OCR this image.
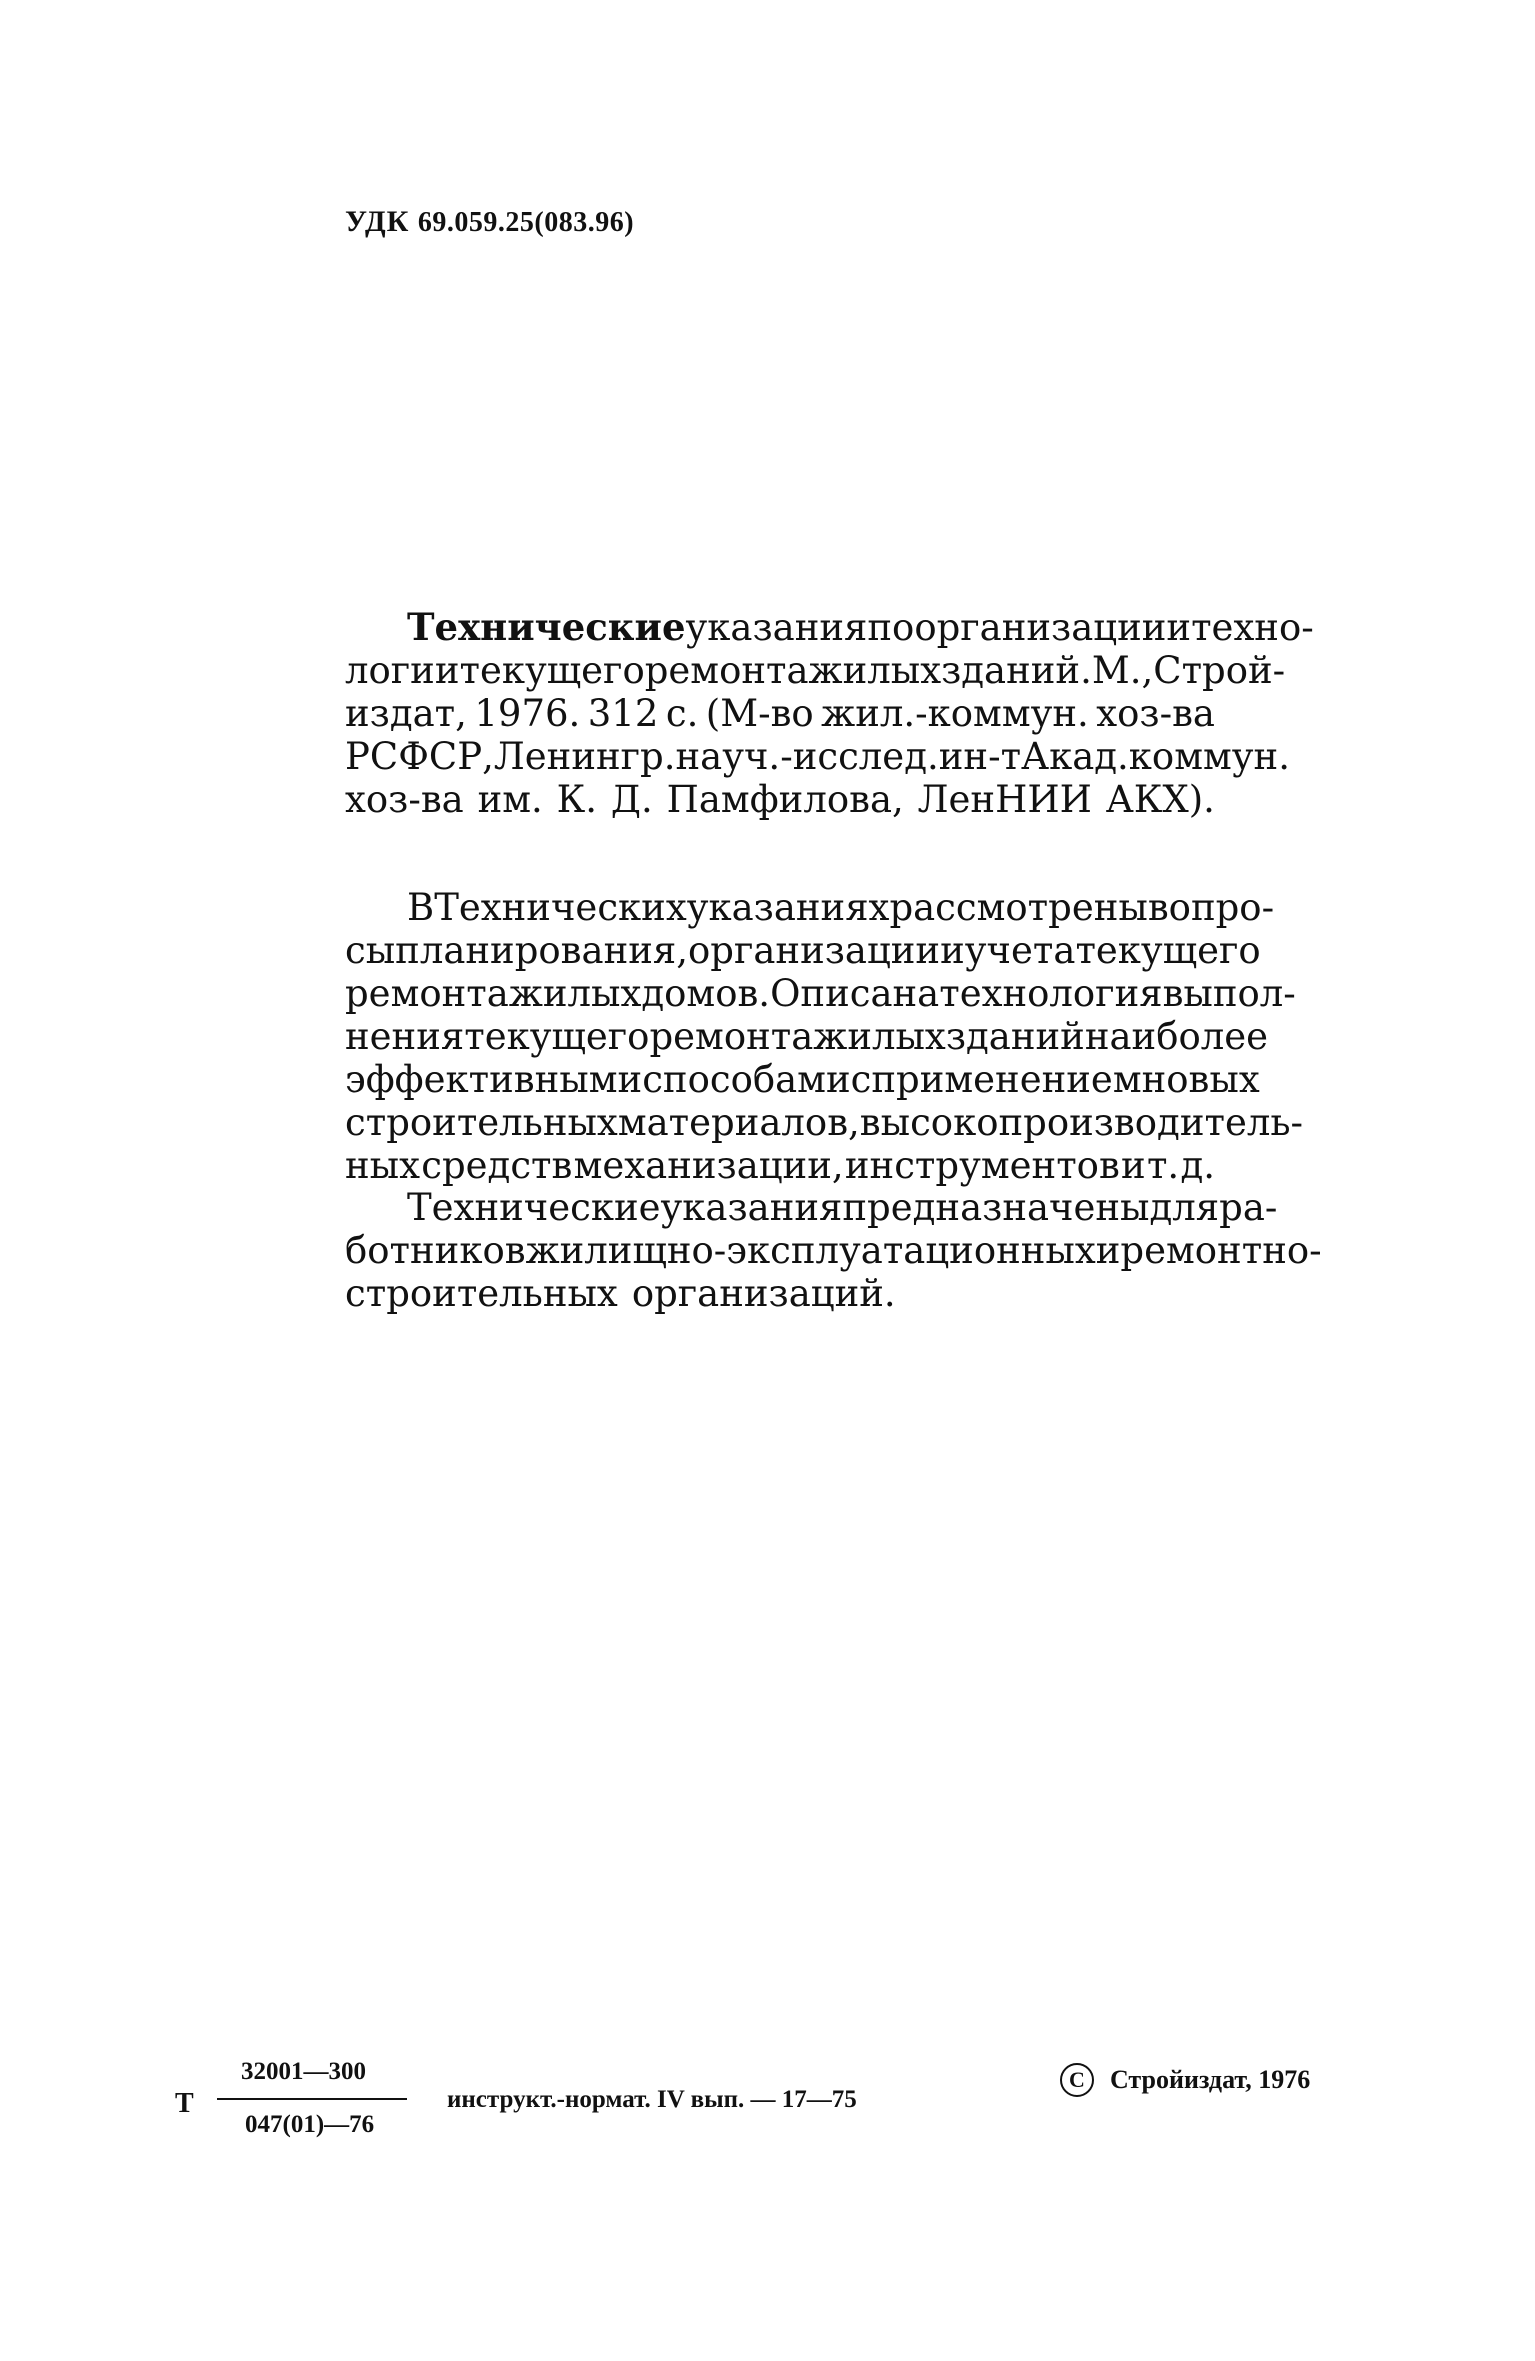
УДК 69.059.25(083.96)
Технические указания по организации и техно-
логии текущего ремонта жилых зданий. М., Строй-
издат, 1976. 312 с. (М-во жил.-коммун. хоз-ва
РСФСР, Ленингр. науч.-исслед. ин-т Акад. коммун.
хоз-ва им. К. Д. Памфилова, ЛенНИИ АКХ).
В Технических указаниях рассмотрены вопро-
сы планирования, организации и учета текущего
ремонта жилых домов. Описана технология выпол-
нения текущего ремонта жилых зданий наиболее
эффективными способами с применением новых
строительных материалов, высокопроизводитель-
ных средств механизации, инструментов и т. д.
Технические указания предназначены для ра-
ботников жилищно-эксплуатационных и ремонтно-
строительных организаций.
Т
32001—300
047(01)—76
инструкт.-нормат. IV вып. — 17—75
C Стройиздат, 1976
